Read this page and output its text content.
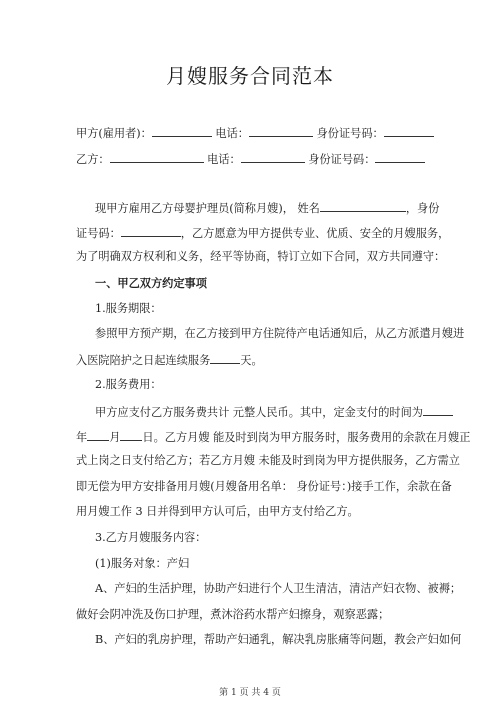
月嫂服务合同范本
甲方(雇用者)：	电话：	身份证号码：
乙方：	电话：	身份证号码：
现甲方雇用乙方母婴护理员(简称月嫂)， 姓名	，身份
证号码：	，乙方愿意为甲方提供专业、优质、安全的月嫂服务，
为了明确双方权利和义务，经平等协商，特订立如下合同，双方共同遵守：
一、甲乙双方约定事项
1.服务期限：
参照甲方预产期，在乙方接到甲方住院待产电话通知后，从乙方派遣月嫂进
入医院陪护之日起连续服务	天。
2.服务费用：
甲方应支付乙方服务费共计 元整人民币。其中，定金支付的时间为
年 月 日。乙方月嫂 能及时到岗为甲方服务时，服务费用的余款在月嫂正
式上岗之日支付给乙方；若乙方月嫂 未能及时到岗为甲方提供服务，乙方需立
即无偿为甲方安排备用月嫂(月嫂备用名单： 身份证号：)接手工作，余款在备
用月嫂工作 3 日并得到甲方认可后，由甲方支付给乙方。
3.乙方月嫂服务内容：
(1)服务对象：产妇
A、产妇的生活护理，协助产妇进行个人卫生清洁，清洁产妇衣物、被褥；
做好会阴冲洗及伤口护理，煮沐浴药水帮产妇擦身，观察恶露；
B、产妇的乳房护理，帮助产妇通乳，解决乳房胀痛等问题，教会产妇如何
第 1 页 共 4 页
